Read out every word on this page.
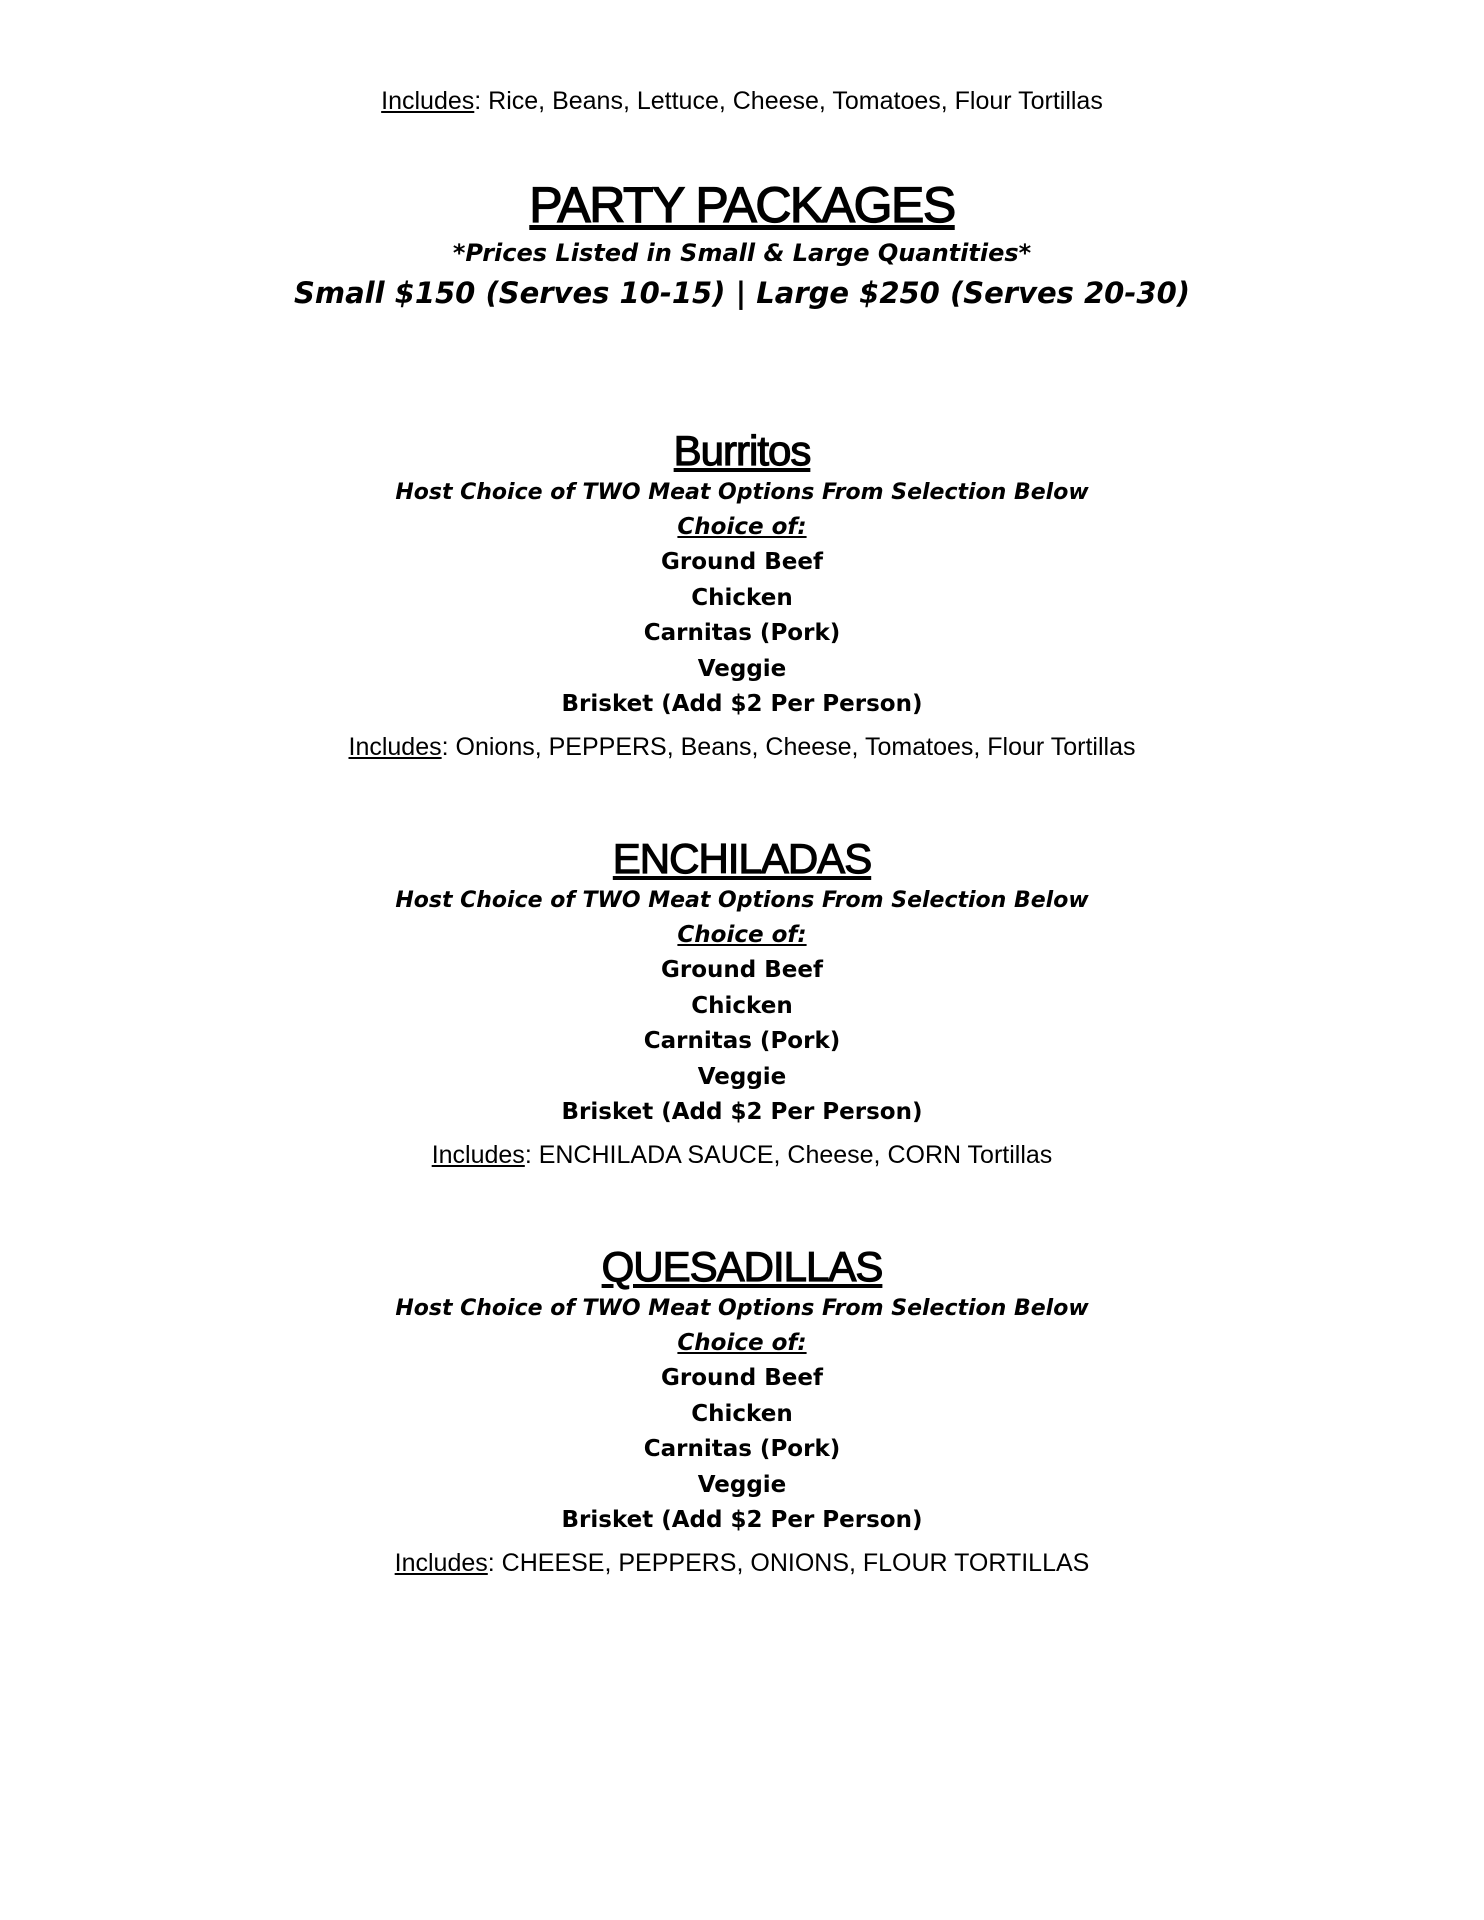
Includes: Rice, Beans, Lettuce, Cheese, Tomatoes, Flour Tortillas
PARTY PACKAGES
*Prices Listed in Small & Large Quantities*
Small $150 (Serves 10-15) | Large $250 (Serves 20-30)
Burritos
Host Choice of TWO Meat Options From Selection Below
Choice of:
Ground Beef
Chicken
Carnitas (Pork)
Veggie
Brisket (Add $2 Per Person)
Includes: Onions, PEPPERS, Beans, Cheese, Tomatoes, Flour Tortillas
ENCHILADAS
Host Choice of TWO Meat Options From Selection Below
Choice of:
Ground Beef
Chicken
Carnitas (Pork)
Veggie
Brisket (Add $2 Per Person)
Includes: ENCHILADA SAUCE, Cheese, CORN Tortillas
QUESADILLAS
Host Choice of TWO Meat Options From Selection Below
Choice of:
Ground Beef
Chicken
Carnitas (Pork)
Veggie
Brisket (Add $2 Per Person)
Includes: CHEESE, PEPPERS, ONIONS, FLOUR TORTILLAS
